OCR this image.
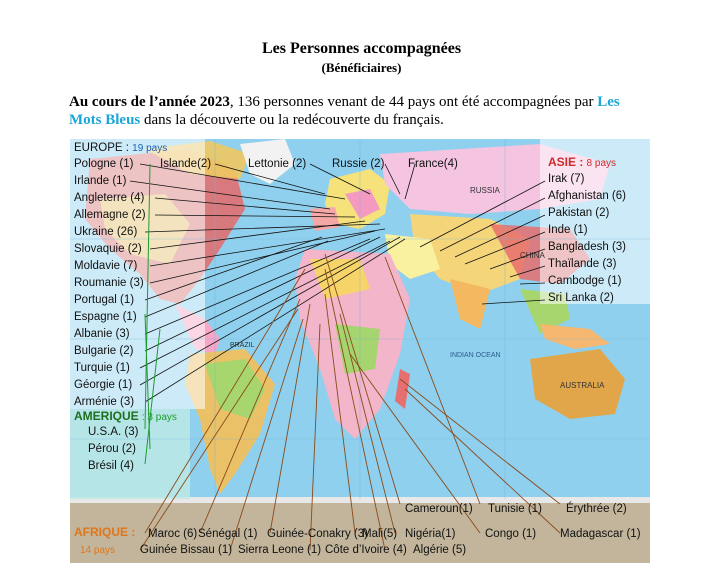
Les Personnes accompagnées
(Bénéficiaires)
Au cours de l’année 2023, 136 personnes venant de 44 pays ont été accompagnées par Les Mots Bleus dans la découverte ou la redécouverte du français.
RUSSIA
CHINA
AUSTRALIA
INDIAN OCEAN
BRAZIL
EUROPE : 19 pays
Pologne (1) Islande(2)	Lettonie (2) Russie (2) France(4)
Irlande (1)
Angleterre (4)
Allemagne (2)
Ukraine (26)
Slovaquie (2)
Moldavie (7)
Roumanie (3)
Portugal (1)
Espagne (1)
Albanie (3)
Bulgarie (2)
Turquie (1)
Géorgie (1)
Arménie (3)
AMERIQUE : 3 pays
U.S.A. (3)
Pérou (2)
Brésil (4)
ASIE : 8 pays
Irak (7)
Afghanistan (6)
Pakistan (2)
Inde (1)
Bangladesh (3)
Thaïlande (3)
Cambodge (1)
Sri Lanka (2)
Cameroun(1) Tunisie (1) Érythrée (2)
AFRIQUE :
14 pays
Maroc (6) Sénégal (1) Guinée-Conakry (3)
Mali(5) Nigéria(1)	Congo (1) Madagascar (1)
Guinée Bissau (1) Sierra Leone (1) Côte d’Ivoire (4) Algérie (5)
